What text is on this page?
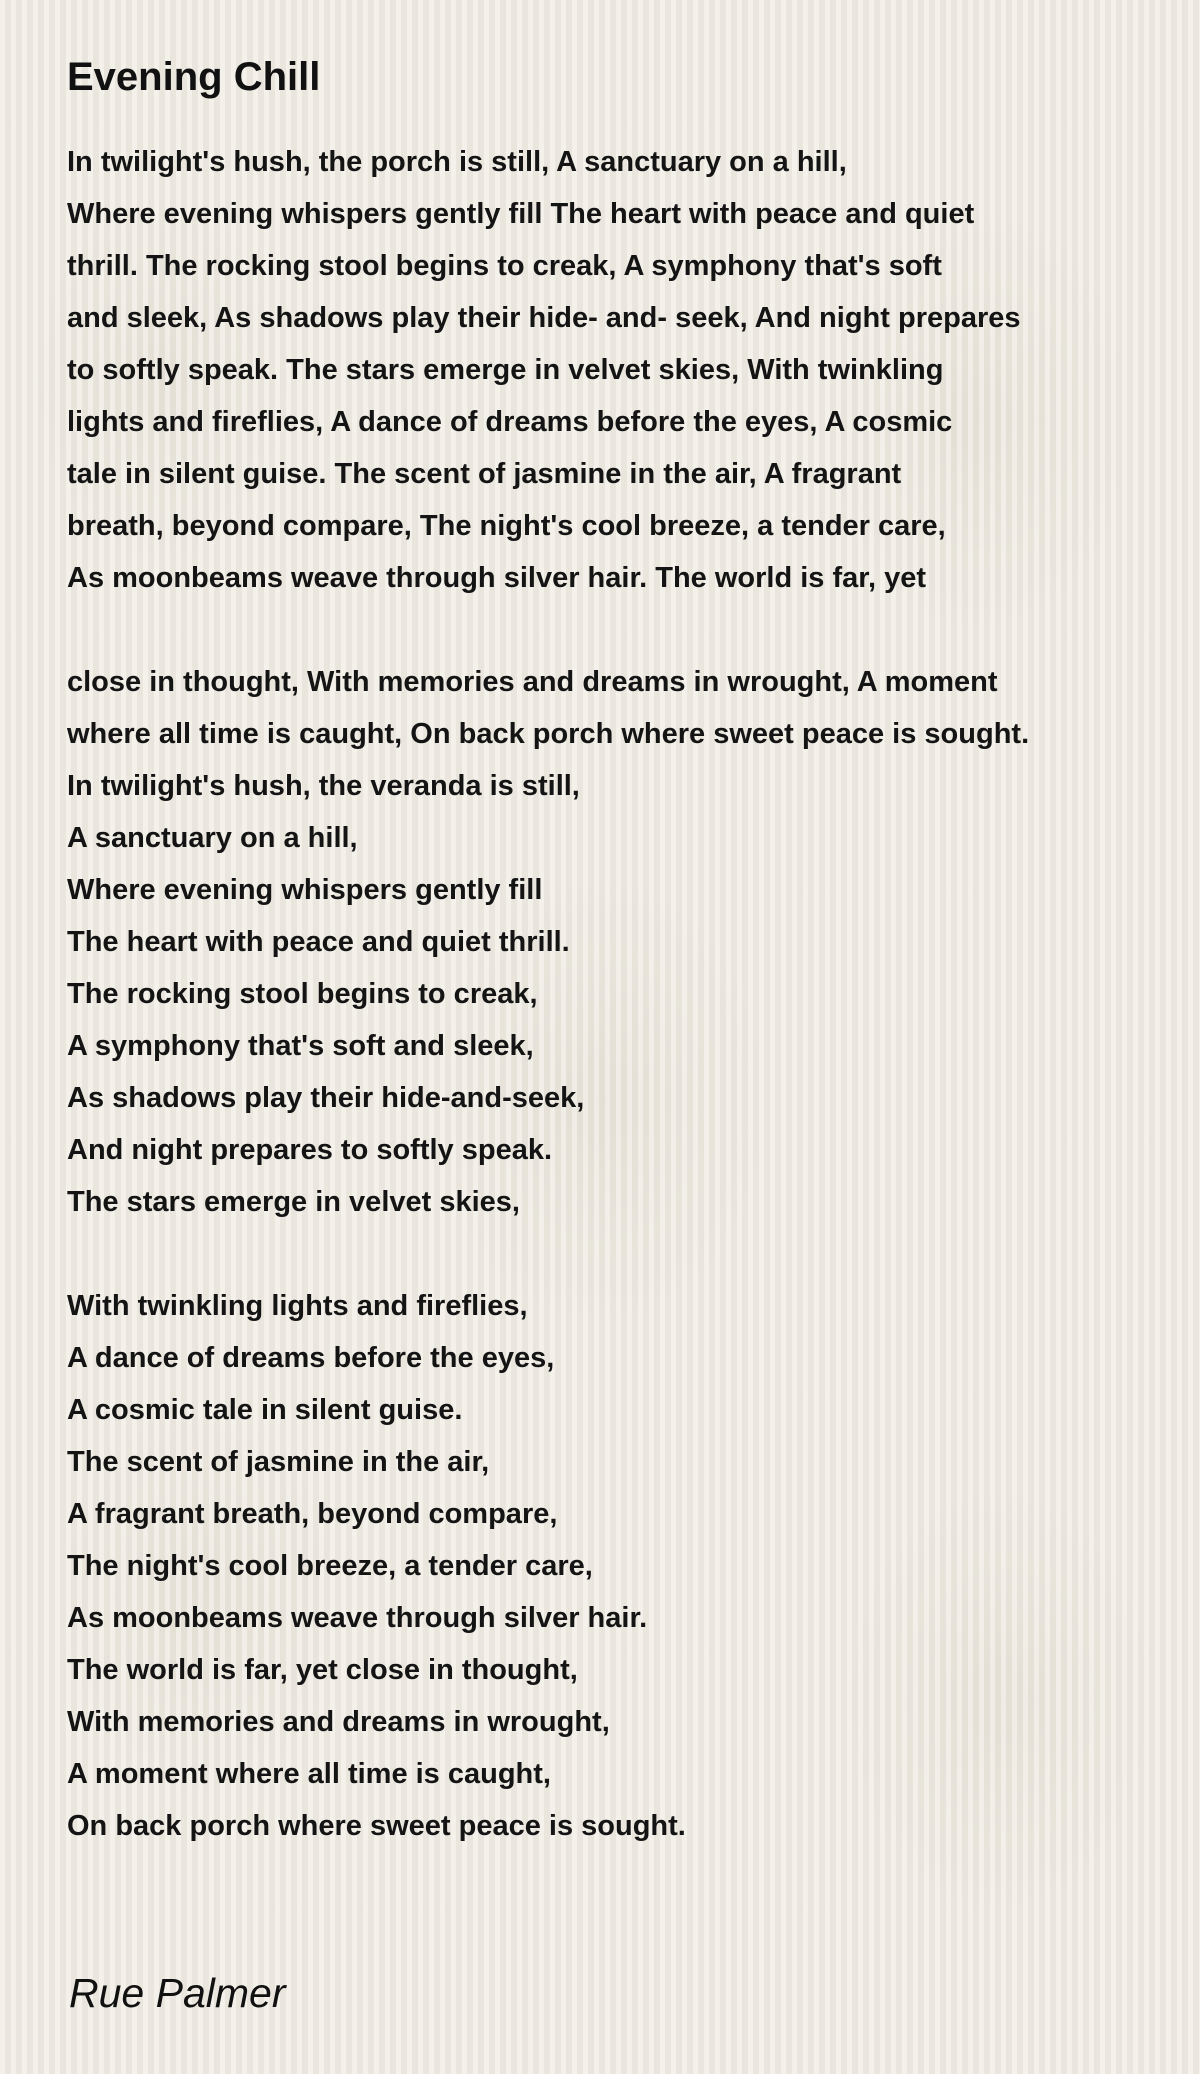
Evening Chill
In twilight's hush, the porch is still, A sanctuary on a hill,
Where evening whispers gently fill The heart with peace and quiet
thrill. The rocking stool begins to creak, A symphony that's soft
and sleek, As shadows play their hide- and- seek, And night prepares
to softly speak. The stars emerge in velvet skies, With twinkling
lights and fireflies, A dance of dreams before the eyes, A cosmic
tale in silent guise. The scent of jasmine in the air, A fragrant
breath, beyond compare, The night's cool breeze, a tender care,
As moonbeams weave through silver hair. The world is far, yet
close in thought, With memories and dreams in wrought, A moment
where all time is caught, On back porch where sweet peace is sought.
In twilight's hush, the veranda is still,
A sanctuary on a hill,
Where evening whispers gently fill
The heart with peace and quiet thrill.
The rocking stool begins to creak,
A symphony that's soft and sleek,
As shadows play their hide-and-seek,
And night prepares to softly speak.
The stars emerge in velvet skies,
With twinkling lights and fireflies,
A dance of dreams before the eyes,
A cosmic tale in silent guise.
The scent of jasmine in the air,
A fragrant breath, beyond compare,
The night's cool breeze, a tender care,
As moonbeams weave through silver hair.
The world is far, yet close in thought,
With memories and dreams in wrought,
A moment where all time is caught,
On back porch where sweet peace is sought.
Rue Palmer
